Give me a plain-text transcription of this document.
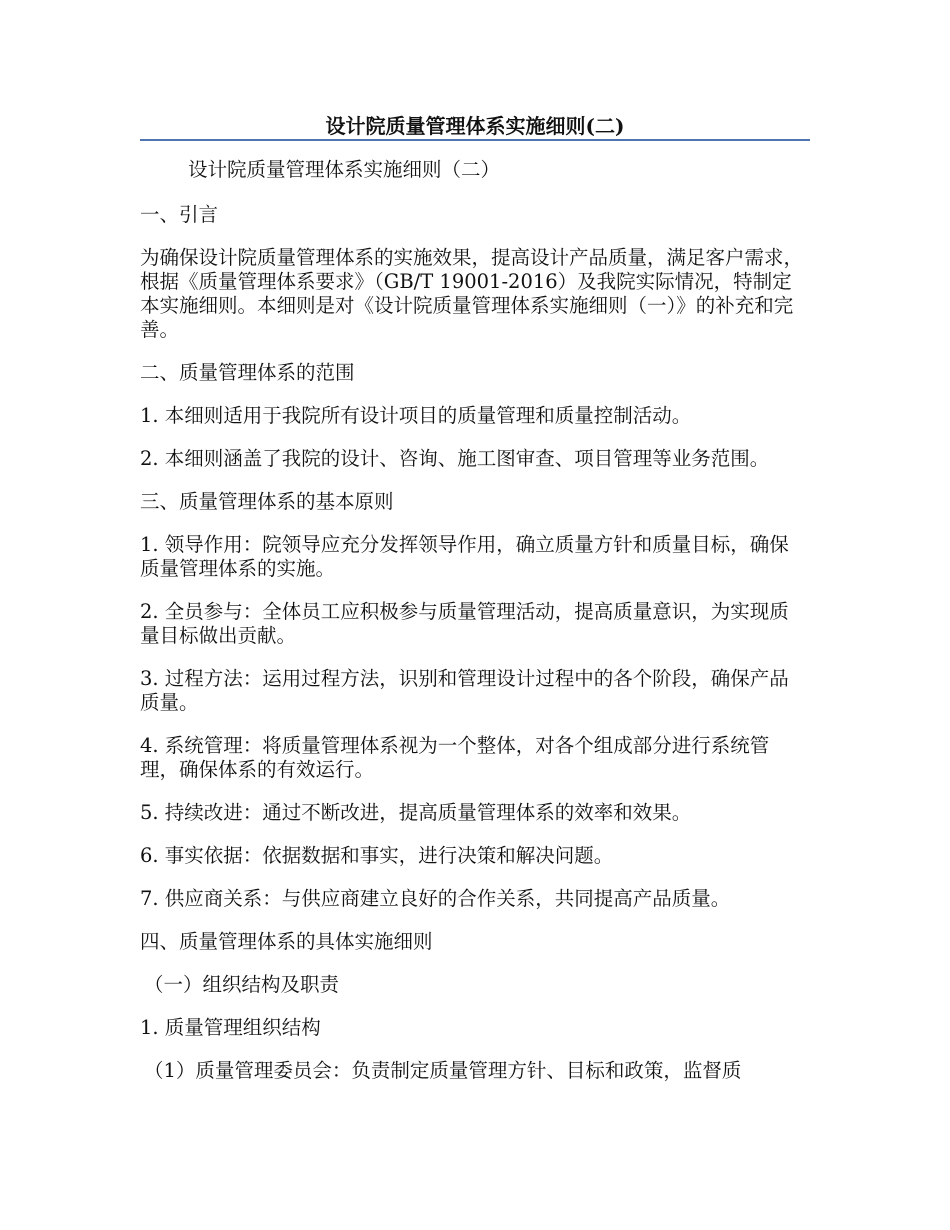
设计院质量管理体系实施细则(二)

设计院质量管理体系实施细则（二）

一、引言

为确保设计院质量管理体系的实施效果，提高设计产品质量，满足客户需求，根据《质量管理体系要求》（GB/T 19001-2016）及我院实际情况，特制定本实施细则。本细则是对《设计院质量管理体系实施细则（一）》的补充和完善。

二、质量管理体系的范围

1. 本细则适用于我院所有设计项目的质量管理和质量控制活动。

2. 本细则涵盖了我院的设计、咨询、施工图审查、项目管理等业务范围。

三、质量管理体系的基本原则

1. 领导作用：院领导应充分发挥领导作用，确立质量方针和质量目标，确保质量管理体系的实施。

2. 全员参与：全体员工应积极参与质量管理活动，提高质量意识，为实现质量目标做出贡献。

3. 过程方法：运用过程方法，识别和管理设计过程中的各个阶段，确保产品质量。

4. 系统管理：将质量管理体系视为一个整体，对各个组成部分进行系统管理，确保体系的有效运行。

5. 持续改进：通过不断改进，提高质量管理体系的效率和效果。

6. 事实依据：依据数据和事实，进行决策和解决问题。

7. 供应商关系：与供应商建立良好的合作关系，共同提高产品质量。

四、质量管理体系的具体实施细则

（一）组织结构及职责

1. 质量管理组织结构

（1）质量管理委员会：负责制定质量管理方针、目标和政策，监督质
